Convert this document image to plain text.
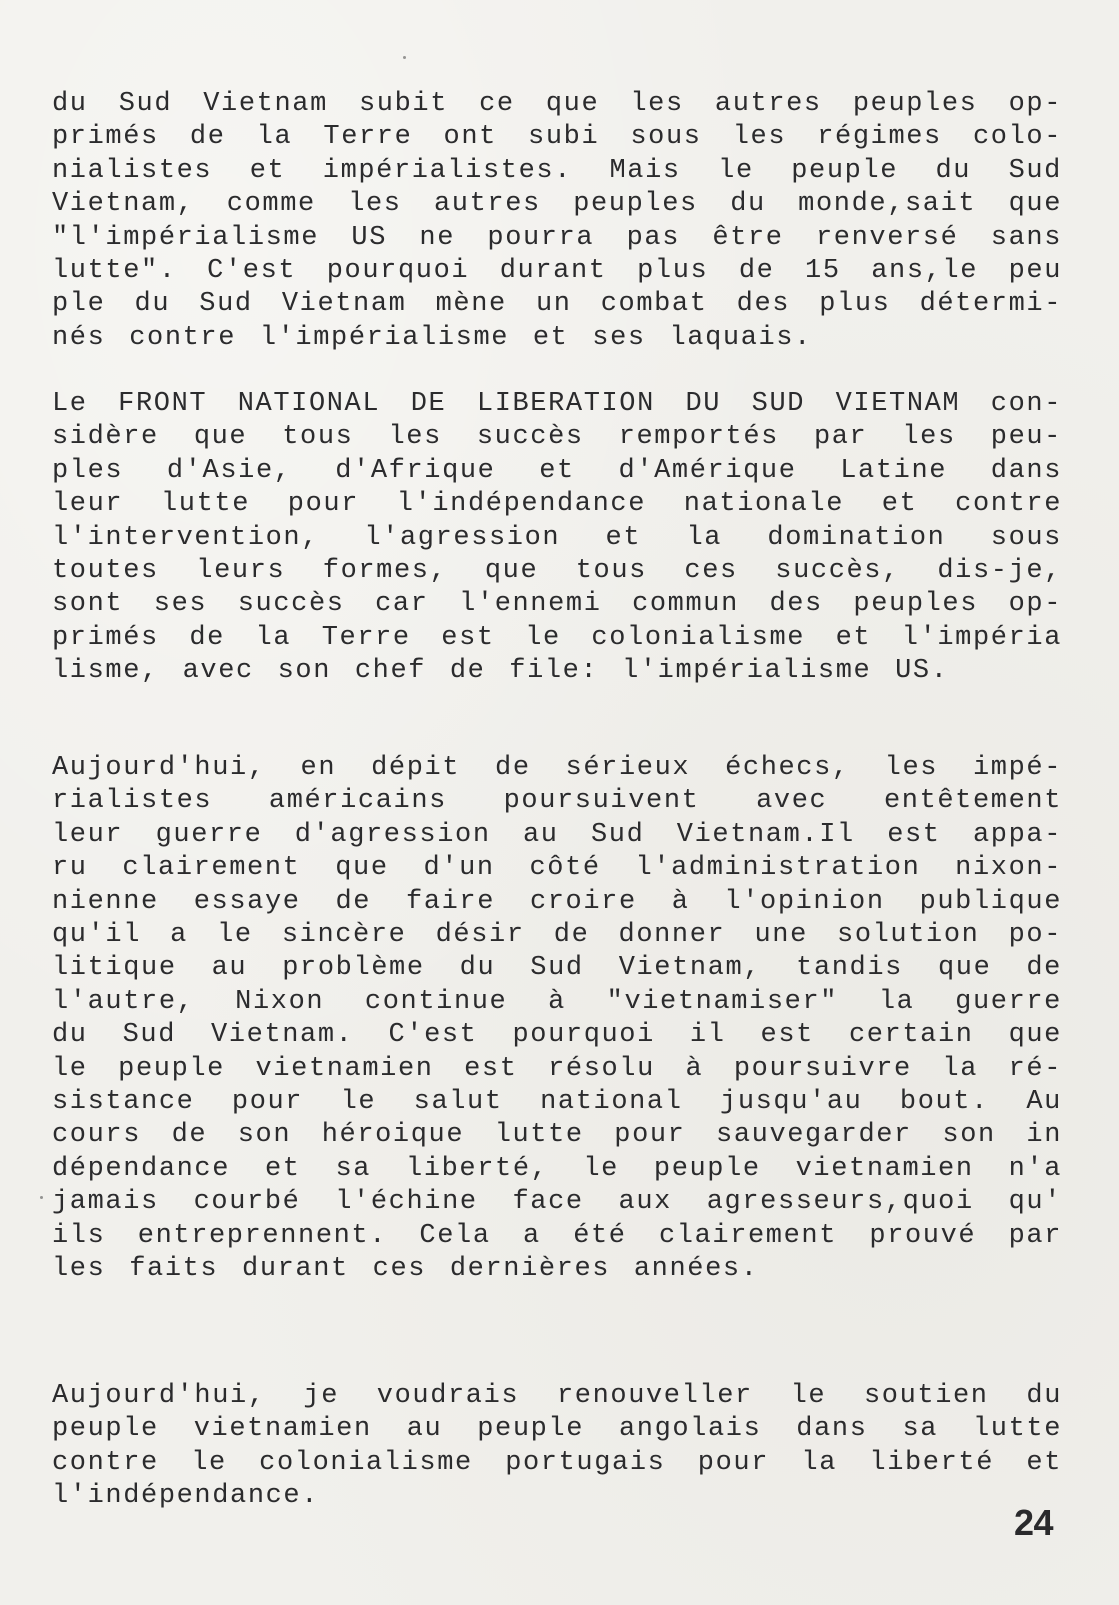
du Sud Vietnam subit ce que les autres peuples op-
primés de la Terre ont subi sous les régimes colo-
nialistes et impérialistes. Mais le peuple du Sud
Vietnam, comme les autres peuples du monde,sait que
"l'impérialisme US ne pourra pas être renversé sans
lutte". C'est pourquoi durant plus de 15 ans,le peu
ple du Sud Vietnam mène un combat des plus détermi-
nés contre l'impérialisme et ses laquais.
Le FRONT NATIONAL DE LIBERATION DU SUD VIETNAM con-
sidère que tous les succès remportés par les peu-
ples d'Asie, d'Afrique et d'Amérique Latine dans
leur lutte pour l'indépendance nationale et contre
l'intervention, l'agression et la domination sous
toutes leurs formes, que tous ces succès, dis-je,
sont ses succès car l'ennemi commun des peuples op-
primés de la Terre est le colonialisme et l'impéria
lisme, avec son chef de file: l'impérialisme US.
Aujourd'hui, en dépit de sérieux échecs, les impé-
rialistes américains poursuivent avec entêtement
leur guerre d'agression au Sud Vietnam.Il est appa-
ru clairement que d'un côté l'administration nixon-
nienne essaye de faire croire à l'opinion publique
qu'il a le sincère désir de donner une solution po-
litique au problème du Sud Vietnam, tandis que de
l'autre, Nixon continue à "vietnamiser" la guerre
du Sud Vietnam. C'est pourquoi il est certain que
le peuple vietnamien est résolu à poursuivre la ré-
sistance pour le salut national jusqu'au bout. Au
cours de son héroique lutte pour sauvegarder son in
dépendance et sa liberté, le peuple vietnamien n'a
jamais courbé l'échine face aux agresseurs,quoi qu'
ils entreprennent. Cela a été clairement prouvé par
les faits durant ces dernières années.
Aujourd'hui, je voudrais renouveller le soutien du
peuple vietnamien au peuple angolais dans sa lutte
contre le colonialisme portugais pour la liberté et
l'indépendance.
24
